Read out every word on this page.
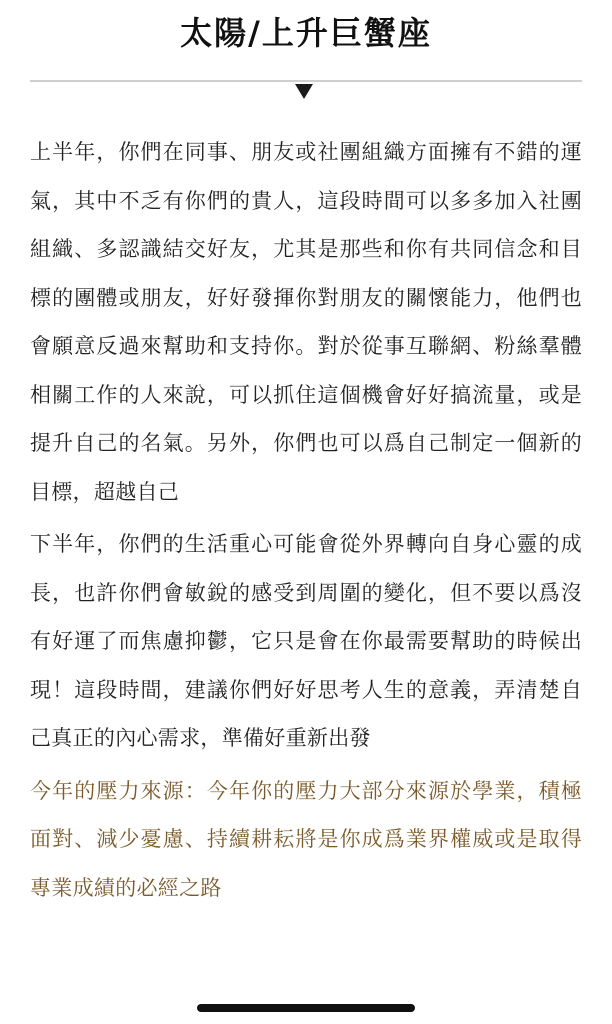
太陽/上升巨蟹座

上半年，你們在同事、朋友或社團組織方面擁有不錯的運氣，其中不乏有你們的貴人，這段時間可以多多加入社團組織、多認識結交好友，尤其是那些和你有共同信念和目標的團體或朋友，好好發揮你對朋友的關懷能力，他們也會願意反過來幫助和支持你。對於從事互聯網、粉絲羣體相關工作的人來說，可以抓住這個機會好好搞流量，或是提升自己的名氣。另外，你們也可以爲自己制定一個新的目標，超越自己

下半年，你們的生活重心可能會從外界轉向自身心靈的成長，也許你們會敏銳的感受到周圍的變化，但不要以爲沒有好運了而焦慮抑鬱，它只是會在你最需要幫助的時候出現！這段時間，建議你們好好思考人生的意義，弄清楚自己真正的內心需求，準備好重新出發

今年的壓力來源：今年你的壓力大部分來源於學業，積極面對、減少憂慮、持續耕耘將是你成爲業界權威或是取得專業成績的必經之路
